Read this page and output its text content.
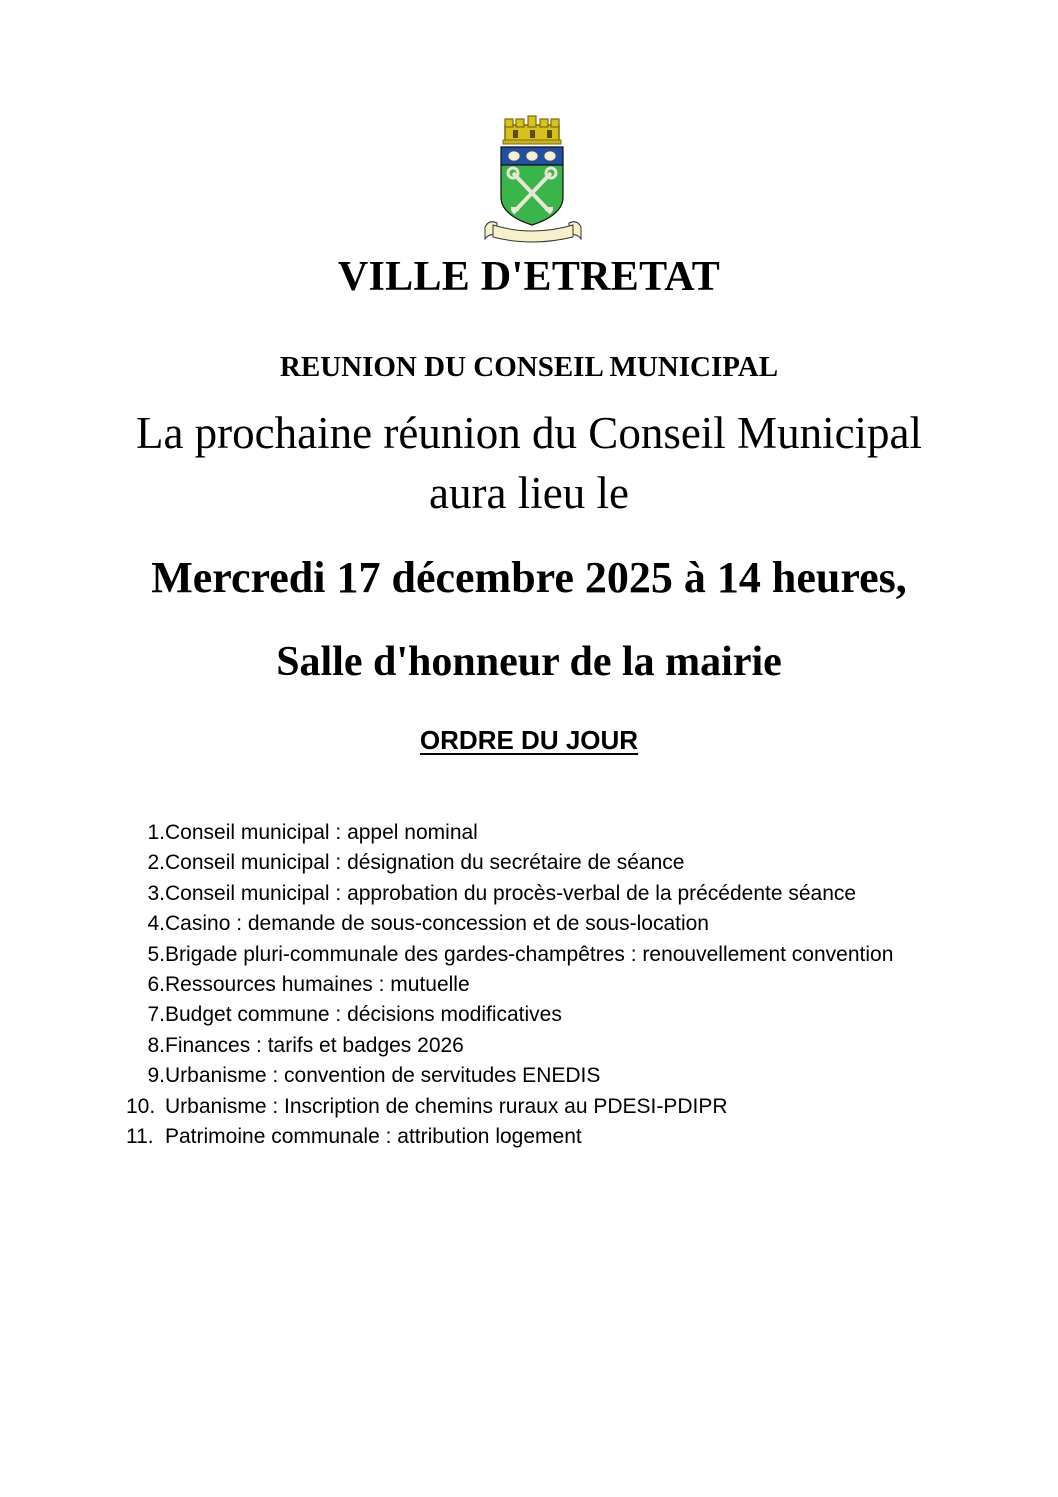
VILLE D'ETRETAT
REUNION DU CONSEIL MUNICIPAL
La prochaine réunion du Conseil Municipal
aura lieu le
Mercredi 17 décembre 2025 à 14 heures,
Salle d'honneur de la mairie
ORDRE DU JOUR
1. Conseil municipal : appel nominal
2. Conseil municipal : désignation du secrétaire de séance
3. Conseil municipal : approbation du procès-verbal de la précédente séance
4. Casino : demande de sous-concession et de sous-location
5. Brigade pluri-communale des gardes-champêtres : renouvellement convention
6. Ressources humaines : mutuelle
7. Budget commune : décisions modificatives
8. Finances : tarifs et badges 2026
9. Urbanisme : convention de servitudes ENEDIS
10. Urbanisme : Inscription de chemins ruraux au PDESI-PDIPR
11. Patrimoine communale : attribution logement
